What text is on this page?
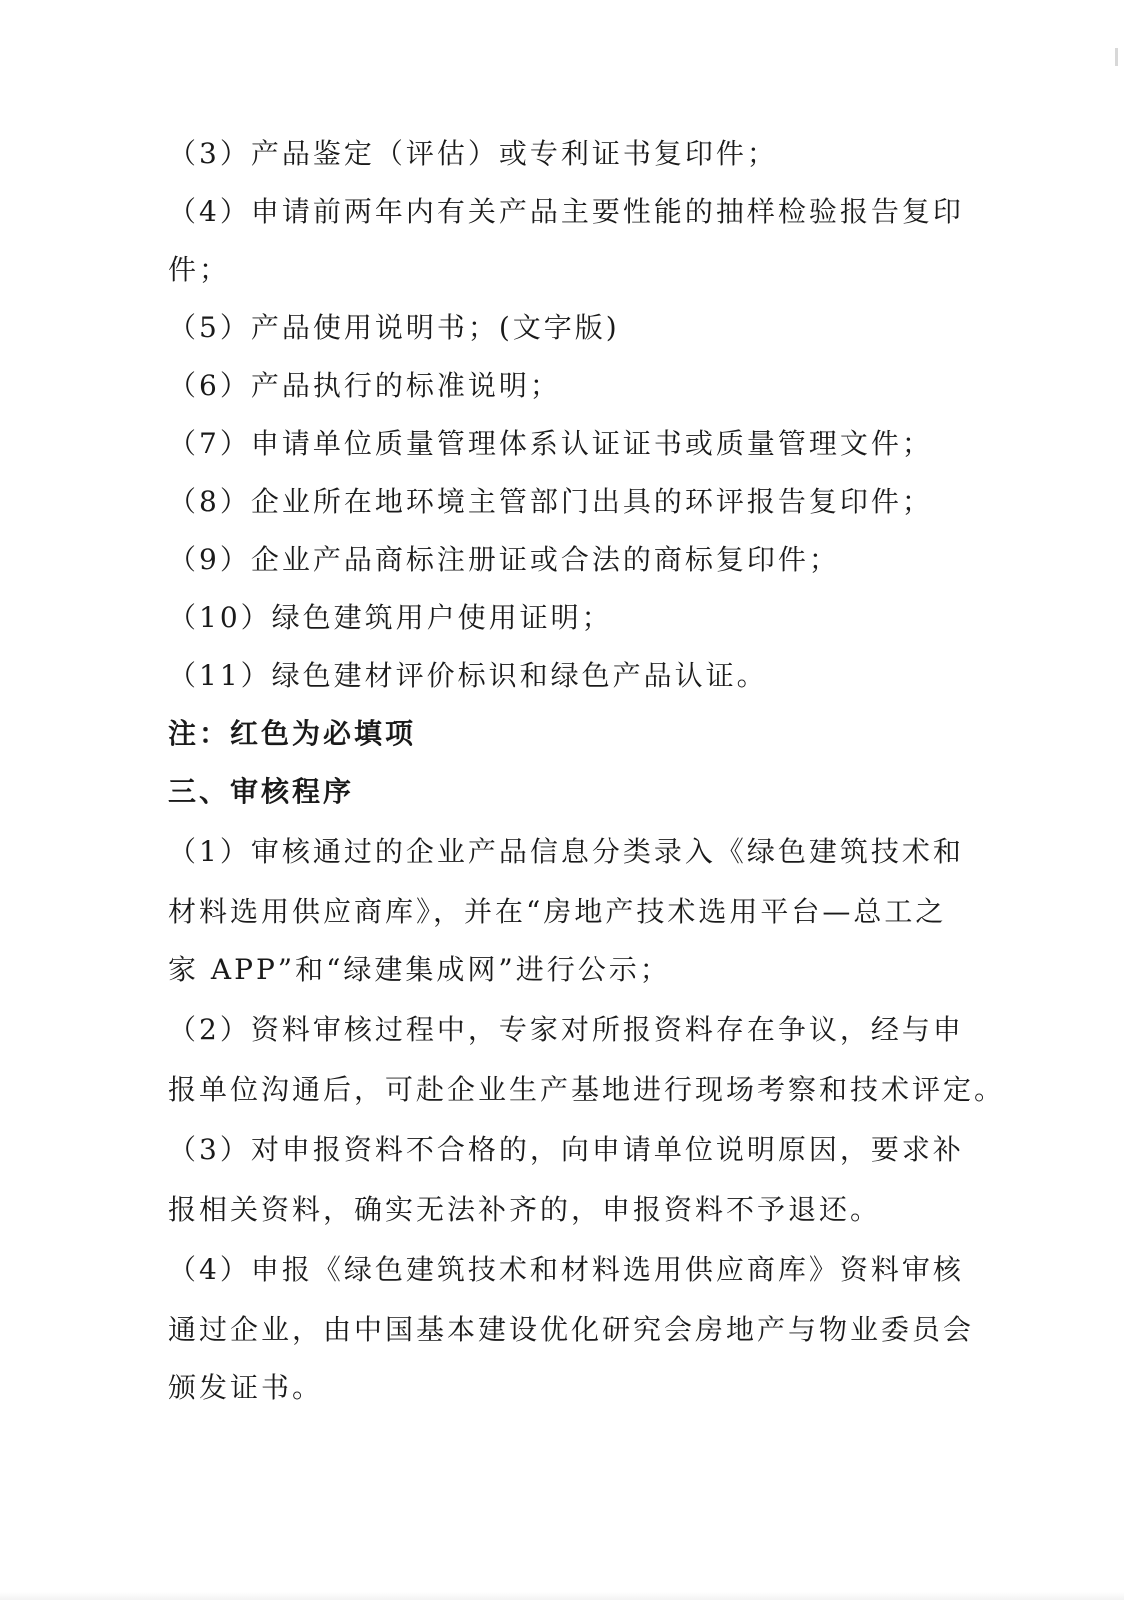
（3）产品鉴定（评估）或专利证书复印件；
（4）申请前两年内有关产品主要性能的抽样检验报告复印
件；
（5）产品使用说明书；(文字版)
（6）产品执行的标准说明；
（7）申请单位质量管理体系认证证书或质量管理文件；
（8）企业所在地环境主管部门出具的环评报告复印件；
（9）企业产品商标注册证或合法的商标复印件；
（10）绿色建筑用户使用证明；
（11）绿色建材评价标识和绿色产品认证。
注：红色为必填项
三、审核程序
（1）审核通过的企业产品信息分类录入《绿色建筑技术和
材料选用供应商库》，并在“房地产技术选用平台—总工之
家 APP”和“绿建集成网”进行公示；
（2）资料审核过程中，专家对所报资料存在争议，经与申
报单位沟通后，可赴企业生产基地进行现场考察和技术评定。
（3）对申报资料不合格的，向申请单位说明原因，要求补
报相关资料，确实无法补齐的，申报资料不予退还。
（4）申报《绿色建筑技术和材料选用供应商库》资料审核
通过企业，由中国基本建设优化研究会房地产与物业委员会
颁发证书。
